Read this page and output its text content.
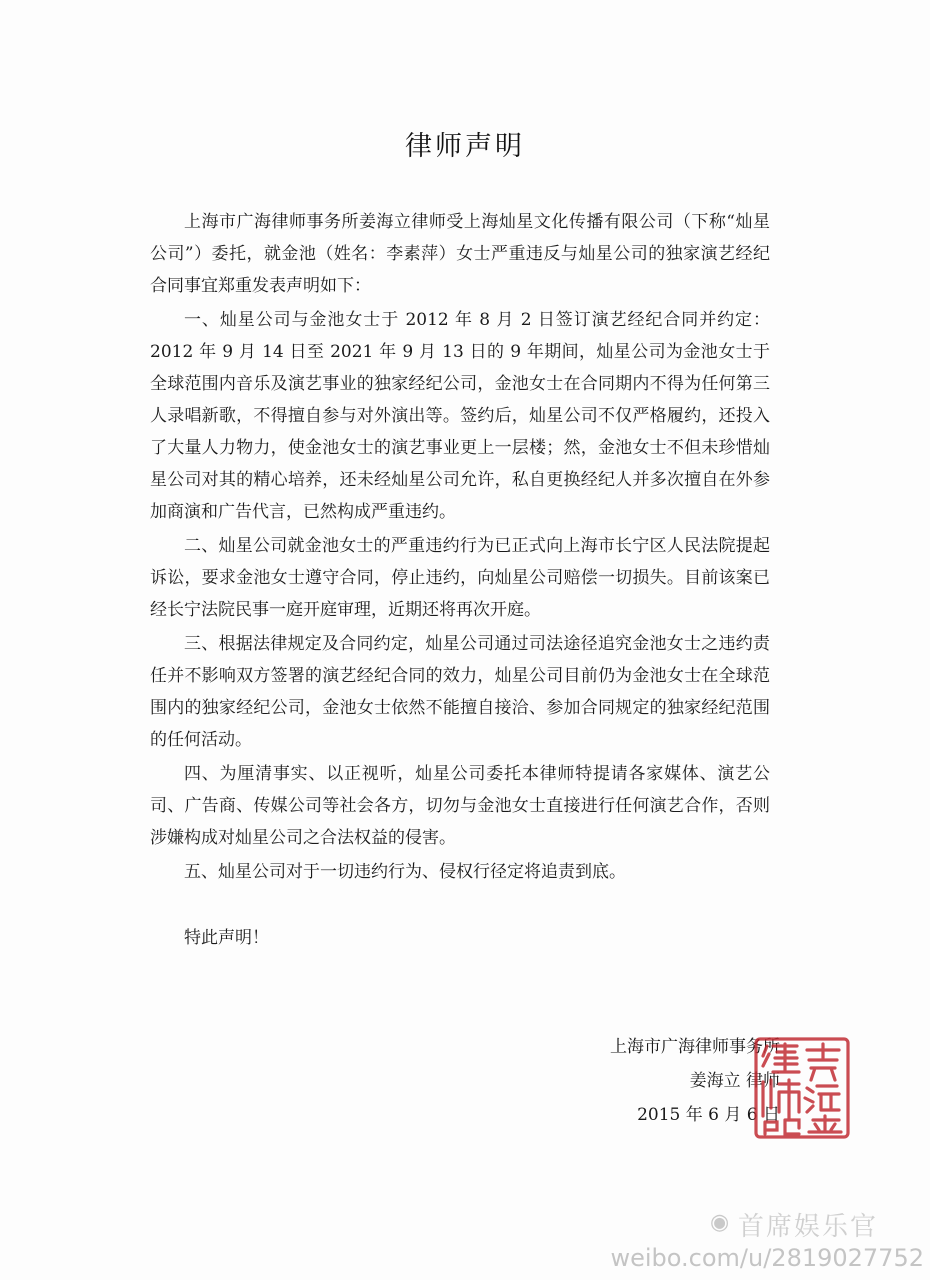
律师声明

上海市广海律师事务所姜海立律师受上海灿星文化传播有限公司（下称“灿星公司”）委托，就金池（姓名：李素萍）女士严重违反与灿星公司的独家演艺经纪合同事宜郑重发表声明如下：

一、灿星公司与金池女士于 2012 年 8 月 2 日签订演艺经纪合同并约定：2012 年 9 月 14 日至 2021 年 9 月 13 日的 9 年期间，灿星公司为金池女士于全球范围内音乐及演艺事业的独家经纪公司，金池女士在合同期内不得为任何第三人录唱新歌，不得擅自参与对外演出等。签约后，灿星公司不仅严格履约，还投入了大量人力物力，使金池女士的演艺事业更上一层楼；然，金池女士不但未珍惜灿星公司对其的精心培养，还未经灿星公司允许，私自更换经纪人并多次擅自在外参加商演和广告代言，已然构成严重违约。

二、灿星公司就金池女士的严重违约行为已正式向上海市长宁区人民法院提起诉讼，要求金池女士遵守合同，停止违约，向灿星公司赔偿一切损失。目前该案已经长宁法院民事一庭开庭审理，近期还将再次开庭。

三、根据法律规定及合同约定，灿星公司通过司法途径追究金池女士之违约责任并不影响双方签署的演艺经纪合同的效力，灿星公司目前仍为金池女士在全球范围内的独家经纪公司，金池女士依然不能擅自接洽、参加合同规定的独家经纪范围的任何活动。

四、为厘清事实、以正视听，灿星公司委托本律师特提请各家媒体、演艺公司、广告商、传媒公司等社会各方，切勿与金池女士直接进行任何演艺合作，否则涉嫌构成对灿星公司之合法权益的侵害。

五、灿星公司对于一切违约行为、侵权行径定将追责到底。

特此声明！

上海市广海律师事务所
姜海立 律师
2015 年 6 月 6 日
◉ 首席娱乐官
weibo.com/u/2819027752
